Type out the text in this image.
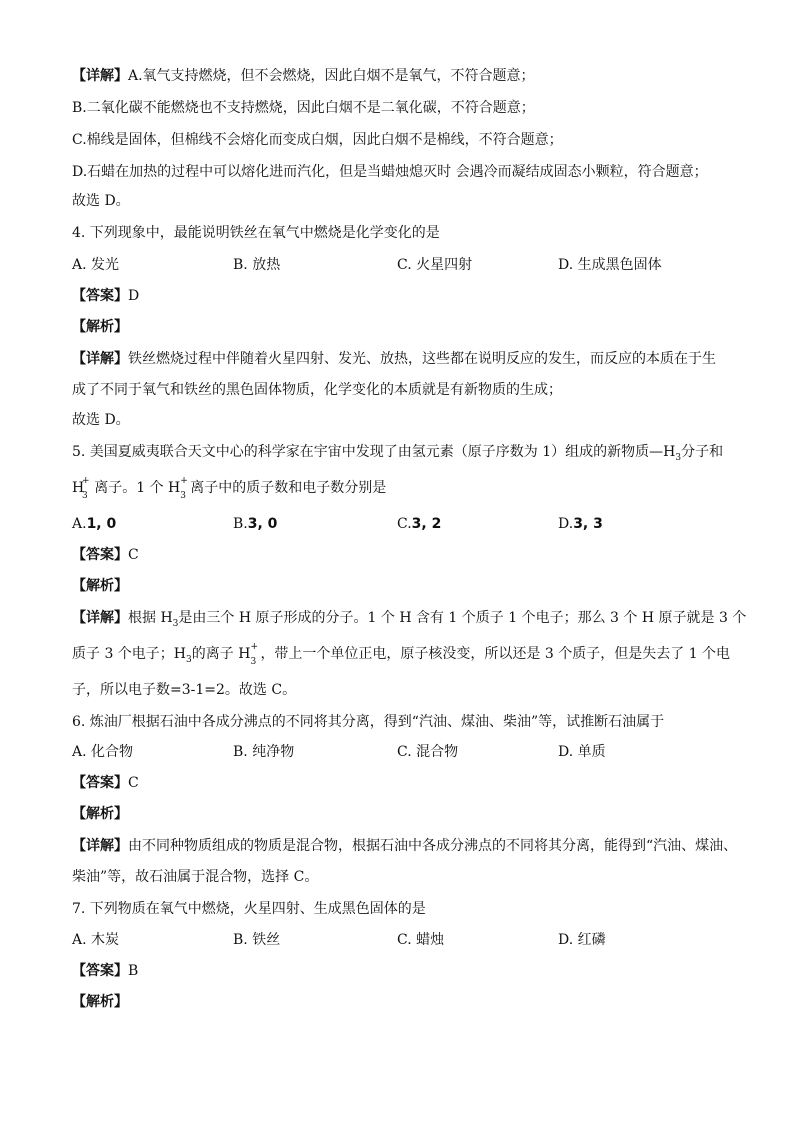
【详解】A.氧气支持燃烧，但不会燃烧，因此白烟不是氧气，不符合题意；
B.二氧化碳不能燃烧也不支持燃烧，因此白烟不是二氧化碳，不符合题意；
C.棉线是固体，但棉线不会熔化而变成白烟，因此白烟不是棉线，不符合题意；
D.石蜡在加热的过程中可以熔化进而汽化，但是当蜡烛熄灭时 会遇冷而凝结成固态小颗粒，符合题意；
故选 D。
4. 下列现象中，最能说明铁丝在氧气中燃烧是化学变化的是
A. 发光	B. 放热	C. 火星四射	D. 生成黑色固体
【答案】D
【解析】
【详解】铁丝燃烧过程中伴随着火星四射、发光、放热，这些都在说明反应的发生，而反应的本质在于生
成了不同于氧气和铁丝的黑色固体物质，化学变化的本质就是有新物质的生成；
故选 D。
5. 美国夏威夷联合天文中心的科学家在宇宙中发现了由氢元素（原子序数为 1）组成的新物质$—H_3$分子和
H
+
3 离子。1 个 H +
3 离子中的质子数和电子数分别是
A.1, 0	B.3, 0	C.3, 2	D.3, 3
【答案】C
【解析】
【详解】根据 $H_3$是由三个 H 原子形成的分子。1 个 H 含有 1 个质子 1 个电子；那么 3 个 H 原子就是 3 个
质子 3 个电子；$H_3$的离子 H +
3 ，带上一个单位正电，原子核没变，所以还是 3 个质子，但是失去了 1 个电
子，所以电子数=3-1=2。故选 C。
6. 炼油厂根据石油中各成分沸点的不同将其分离，得到“汽油、煤油、柴油”等，试推断石油属于
A. 化合物	B. 纯净物	C. 混合物	D. 单质
【答案】C
【解析】
【详解】由不同种物质组成的物质是混合物，根据石油中各成分沸点的不同将其分离，能得到“汽油、煤油、
柴油”等，故石油属于混合物，选择 C。
7. 下列物质在氧气中燃烧，火星四射、生成黑色固体的是
A. 木炭	B. 铁丝	C. 蜡烛	D. 红磷
【答案】B
【解析】
